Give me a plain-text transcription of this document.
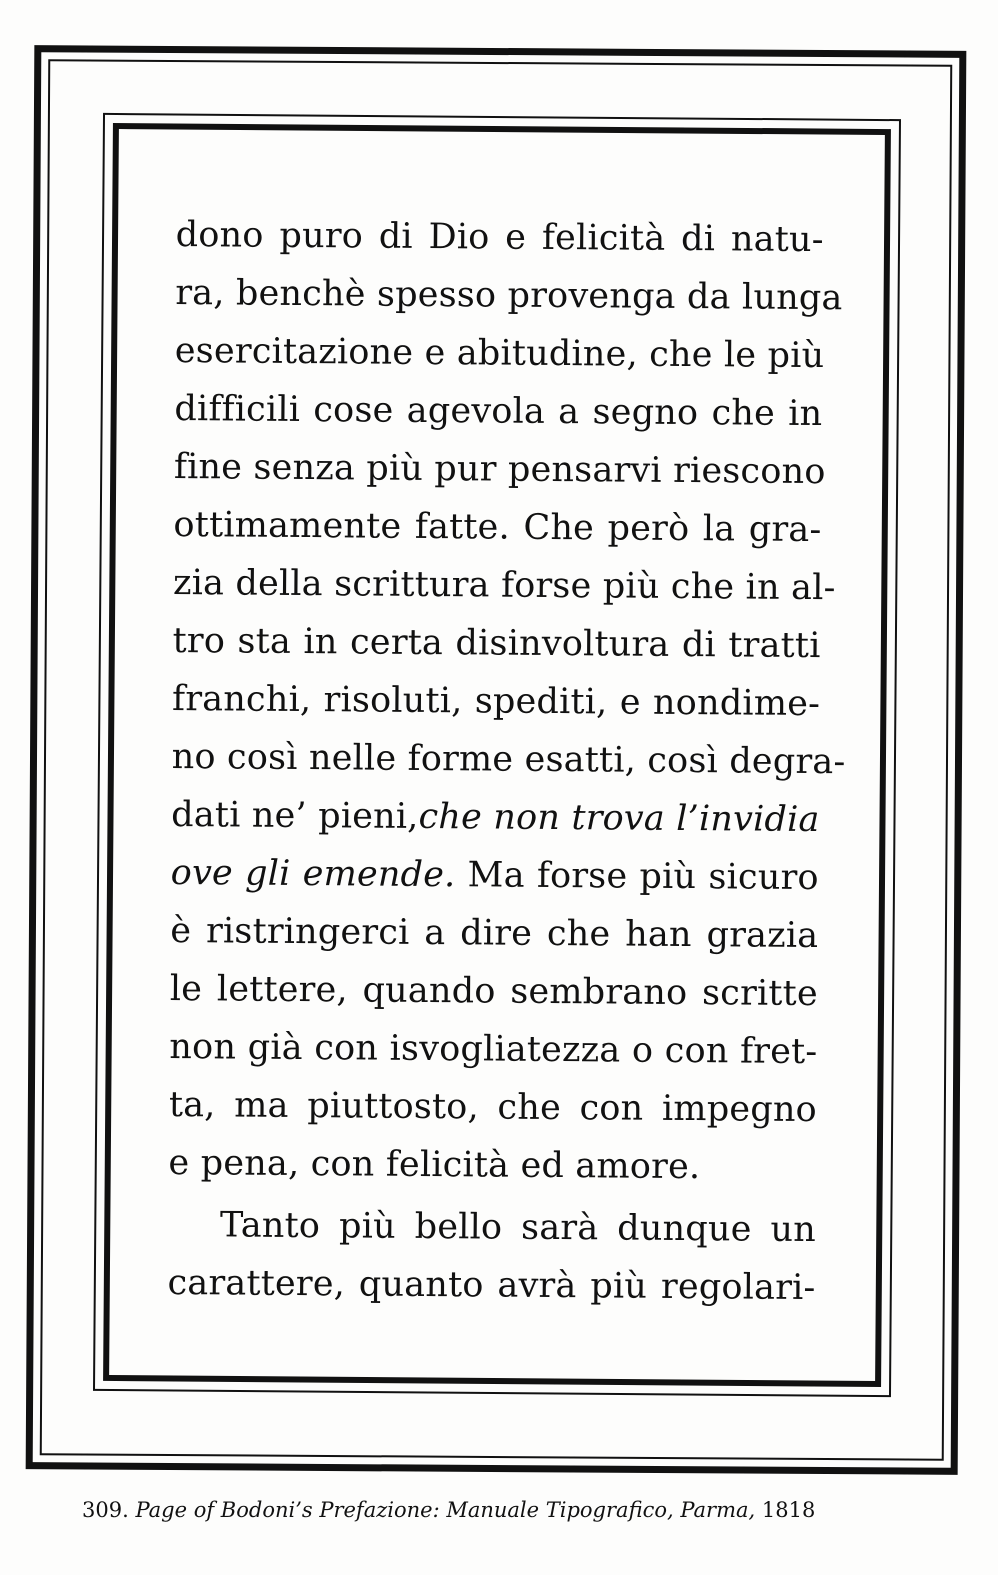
dono puro di Dio e felicità di natu-
ra, benchè spesso provenga da lunga
esercitazione e abitudine, che le più
difficili cose agevola a segno che in
fine senza più pur pensarvi riescono
ottimamente fatte. Che però la gra-
zia della scrittura forse più che in al-
tro sta in certa disinvoltura di tratti
franchi, risoluti, spediti, e nondime-
no così nelle forme esatti, così degra-
dati ne’ pieni,che non trova l’invidia
ove gli emende. Ma forse più sicuro
è ristringerci a dire che han grazia
le lettere, quando sembrano scritte
non già con isvogliatezza o con fret-
ta, ma piuttosto, che con impegno
e pena, con felicità ed amore.
Tanto più bello sarà dunque un
carattere, quanto avrà più regolari-
309. Page of Bodoni’s Prefazione: Manuale Tipografico, Parma, 1818
